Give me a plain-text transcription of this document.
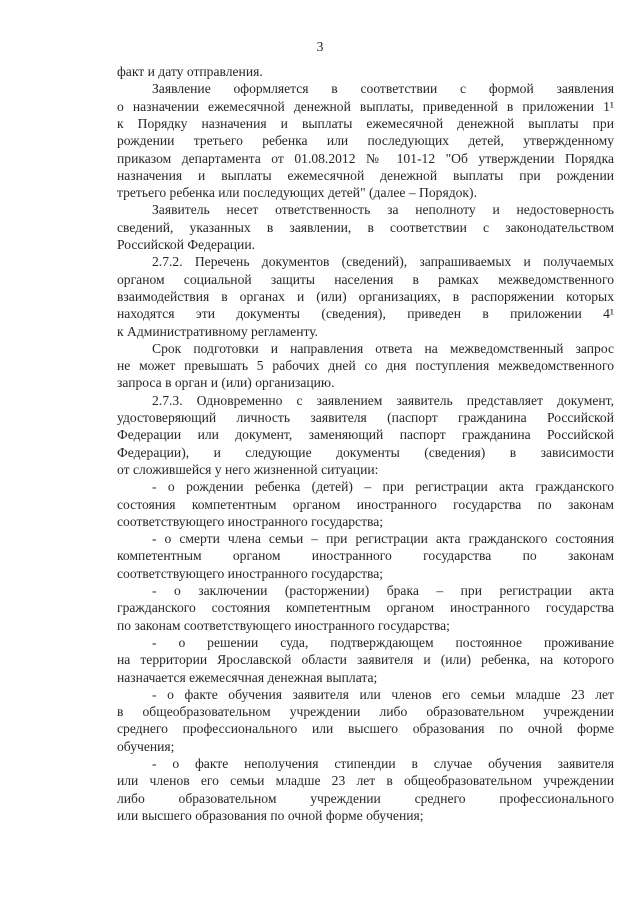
3
факт и дату отправления.
Заявление оформляется в соответствии с формой заявления
о назначении ежемесячной денежной выплаты, приведенной в приложении 1¹
к Порядку назначения и выплаты ежемесячной денежной выплаты при
рождении третьего ребенка или последующих детей, утвержденному
приказом департамента от 01.08.2012 № 101-12 "Об утверждении Порядка
назначения и выплаты ежемесячной денежной выплаты при рождении
третьего ребенка или последующих детей" (далее – Порядок).
Заявитель несет ответственность за неполноту и недостоверность
сведений, указанных в заявлении, в соответствии с законодательством
Российской Федерации.
2.7.2. Перечень документов (сведений), запрашиваемых и получаемых
органом социальной защиты населения в рамках межведомственного
взаимодействия в органах и (или) организациях, в распоряжении которых
находятся эти документы (сведения), приведен в приложении 4¹
к Административному регламенту.
Срок подготовки и направления ответа на межведомственный запрос
не может превышать 5 рабочих дней со дня поступления межведомственного
запроса в орган и (или) организацию.
2.7.3. Одновременно с заявлением заявитель представляет документ,
удостоверяющий личность заявителя (паспорт гражданина Российской
Федерации или документ, заменяющий паспорт гражданина Российской
Федерации), и следующие документы (сведения) в зависимости
от сложившейся у него жизненной ситуации:
- о рождении ребенка (детей) – при регистрации акта гражданского
состояния компетентным органом иностранного государства по законам
соответствующего иностранного государства;
- о смерти члена семьи – при регистрации акта гражданского состояния
компетентным органом иностранного государства по законам
соответствующего иностранного государства;
- о заключении (расторжении) брака – при регистрации акта
гражданского состояния компетентным органом иностранного государства
по законам соответствующего иностранного государства;
- о решении суда, подтверждающем постоянное проживание
на территории Ярославской области заявителя и (или) ребенка, на которого
назначается ежемесячная денежная выплата;
- о факте обучения заявителя или членов его семьи младше 23 лет
в общеобразовательном учреждении либо образовательном учреждении
среднего профессионального или высшего образования по очной форме
обучения;
- о факте неполучения стипендии в случае обучения заявителя
или членов его семьи младше 23 лет в общеобразовательном учреждении
либо образовательном учреждении среднего профессионального
или высшего образования по очной форме обучения;
